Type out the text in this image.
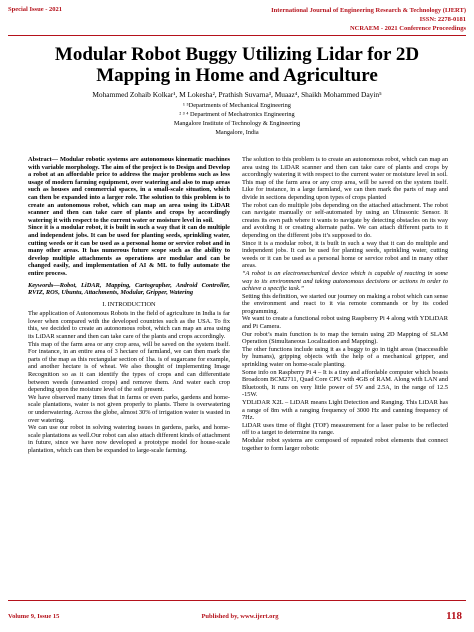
Special Issue - 2021	International Journal of Engineering Research & Technology (IJERT)
ISSN: 2278-0181
NCRAEM - 2021 Conference Proceedings
Modular Robot Buggy Utilizing Lidar for 2D Mapping in Home and Agriculture
Mohammed Zohaib Kolkar¹, M Lokesha², Prathish Suvarna³, Muaaz⁴, Shaikh Mohammed Dayin⁵
¹ ⁵Departments of Mechanical Engineering
² ³ ⁴ Department of Mechatronics Engineering
Mangalore Institute of Technology & Engineering
Mangalore, India

Abstract— Modular robotic systems are autonomous kinematic machines with variable morphology. The aim of the project is to Design and Develop a robot at an affordable price to address the major problems such as less usage of modern farming equipment, over watering and also to map areas such as houses and commercial spaces, in a small-scale situation, which can then be expanded into a larger role. The solution to this problem is to create an autonomous robot, which can map an area using its LiDAR scanner and then can take care of plants and crops by accordingly watering it with respect to the current water or moisture level in soil.

Since it is a modular robot, it is built in such a way that it can do multiple and independent jobs. It can be used for planting seeds, sprinkling water, cutting weeds or it can be used as a personal home or service robot and in many other areas. It has numerous future scope such as the ability to develop multiple attachments as operations are modular and can be changed easily, and implementation of AI & ML to fully automate the entire process.

Keywords—Robot, LiDAR, Mapping, Cartographer, Android Controller, RVIZ, ROS, Ubuntu, Attachments, Modular, Gripper, Watering

I. INTRODUCTION

The application of Autonomous Robots in the field of agriculture in India is far lower when compared with the developed countries such as the USA. To fix this, we decided to create an autonomous robot, which can map an area using its LiDAR scanner and then can take care of the plants and crops accordingly.

This map of the farm area or any crop area, will be saved on the system itself. For instance, in an entire area of 3 hectare of farmland, we can then mark the parts of the map as this rectangular section of 1ha. is of sugarcane for example, and another hectare is of wheat. We also thought of implementing Image Recognition so as it can identify the types of crops and can differentiate between weeds (unwanted crops) and remove them. And water each crop depending upon the moisture level of the soil present.

We have observed many times that in farms or even parks, gardens and home-scale plantations, water is not given properly to plants. There is overwatering or underwatering. Across the globe, almost 30% of irrigation water is wasted in over watering.

We can use our robot in solving watering issues in gardens, parks, and home-scale plantations as well.Our robot can also attach different kinds of attachment in future, since we have now developed a prototype model for house-scale plantation, which can then be expanded to large-scale farming.

The solution to this problem is to create an autonomous robot, which can map an area using its LiDAR scanner and then can take care of plants and crops by accordingly watering it with respect to the current water or moisture level in soil.

This map of the farm area or any crop area, will be saved on the system itself. Like for instance, in a large farmland, we can then mark the parts of map and divide in sections depending upon types of crops planted

The robot can do multiple jobs depending on the attached attachment. The robot can navigate manually or self-automated by using an Ultrasonic Sensor. It creates its own path where it wants to navigate by detecting obstacles on its way and avoiding it or creating alternate paths. We can attach different parts to it depending on the different jobs it’s supposed to do.

Since it is a modular robot, it is built in such a way that it can do multiple and independent jobs. It can be used for planting seeds, sprinkling water, cutting weeds or it can be used as a personal home or service robot and in many other areas.

“A robot is an electromechanical device which is capable of reacting in some way to its environment and taking autonomous decisions or actions in order to achieve a specific task.”

Setting this definition, we started our journey on making a robot which can sense the environment and react to it via remote commands or by its coded programming.

We want to create a functional robot using Raspberry Pi 4 along with YDLiDAR and Pi Camera.

Our robot’s main function is to map the terrain using 2D Mapping of SLAM Operation (Simultaneous Localization and Mapping).

The other functions include using it as a buggy to go in tight areas (inaccessible by humans), gripping objects with the help of a mechanical gripper, and sprinkling water on home-scale planting.

Some info on Raspberry Pi 4 – It is a tiny and affordable computer which boasts Broadcom BCM2711, Quad Core CPU with 4GB of RAM. Along with LAN and Bluetooth, It runs on very little power of 5V and 2.5A, in the range of 12.5 -15W.

YDLiDAR X2L – LiDAR means Light Detection and Ranging. This LiDAR has a range of 8m with a ranging frequency of 3000 Hz and canning frequency of 7Hz.

LiDAR uses time of flight (TOF) measurement for a laser pulse to be reflected off to a target to determine its range.

Modular robot systems are composed of repeated robot elements that connect together to form larger robotic

Volume 9, Issue 15	Published by, www.ijert.org	118
